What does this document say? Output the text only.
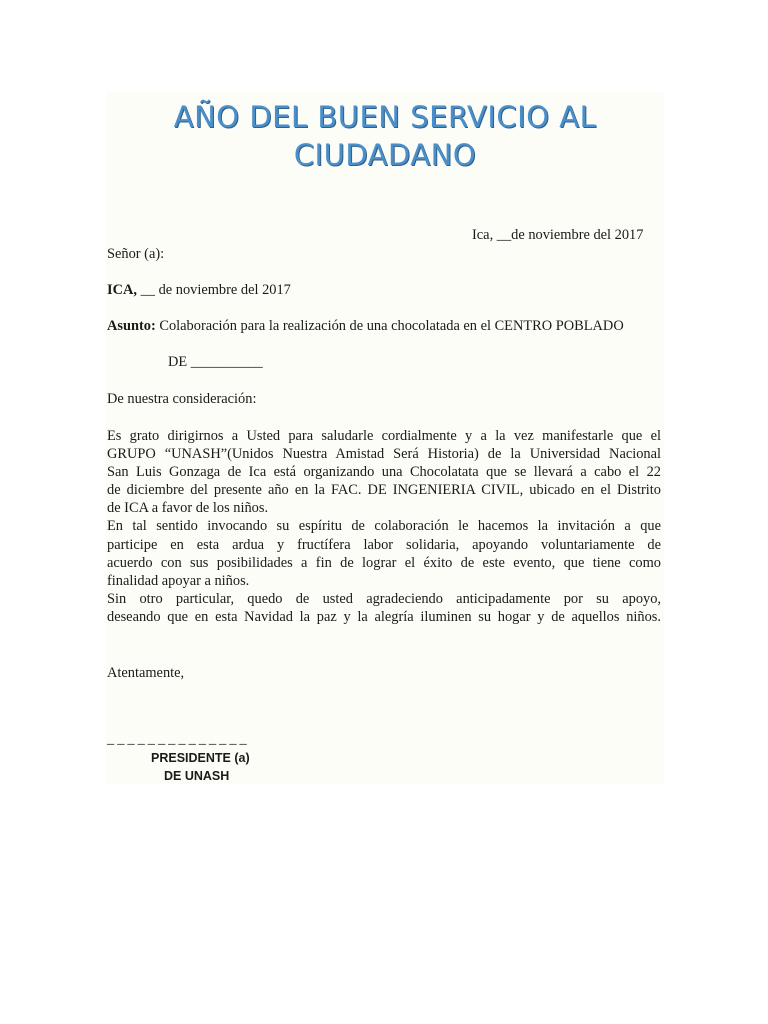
AÑO DEL BUEN SERVICIO AL
CIUDADANO
Ica, __de noviembre del 2017
Señor (a):
ICA, __ de noviembre del 2017
Asunto: Colaboración para la realización de una chocolatada en el CENTRO POBLADO
DE __________
De nuestra consideración:
Es grato dirigirnos a Usted para saludarle cordialmente y a la vez manifestarle que el
GRUPO “UNASH”(Unidos Nuestra Amistad Será Historia) de la Universidad Nacional
San Luis Gonzaga de Ica está organizando una Chocolatata que se llevará a cabo el 22
de diciembre del presente año en la FAC. DE INGENIERIA CIVIL, ubicado en el Distrito
de ICA a favor de los niños.
En tal sentido invocando su espíritu de colaboración le hacemos la invitación a que
participe en esta ardua y fructífera labor solidaria, apoyando voluntariamente de
acuerdo con sus posibilidades a fin de lograr el éxito de este evento, que tiene como
finalidad apoyar a niños.
Sin otro particular, quedo de usted agradeciendo anticipadamente por su apoyo,
deseando que en esta Navidad la paz y la alegría iluminen su hogar y de aquellos niños.
Atentamente,
______________
PRESIDENTE (a)
DE UNASH
